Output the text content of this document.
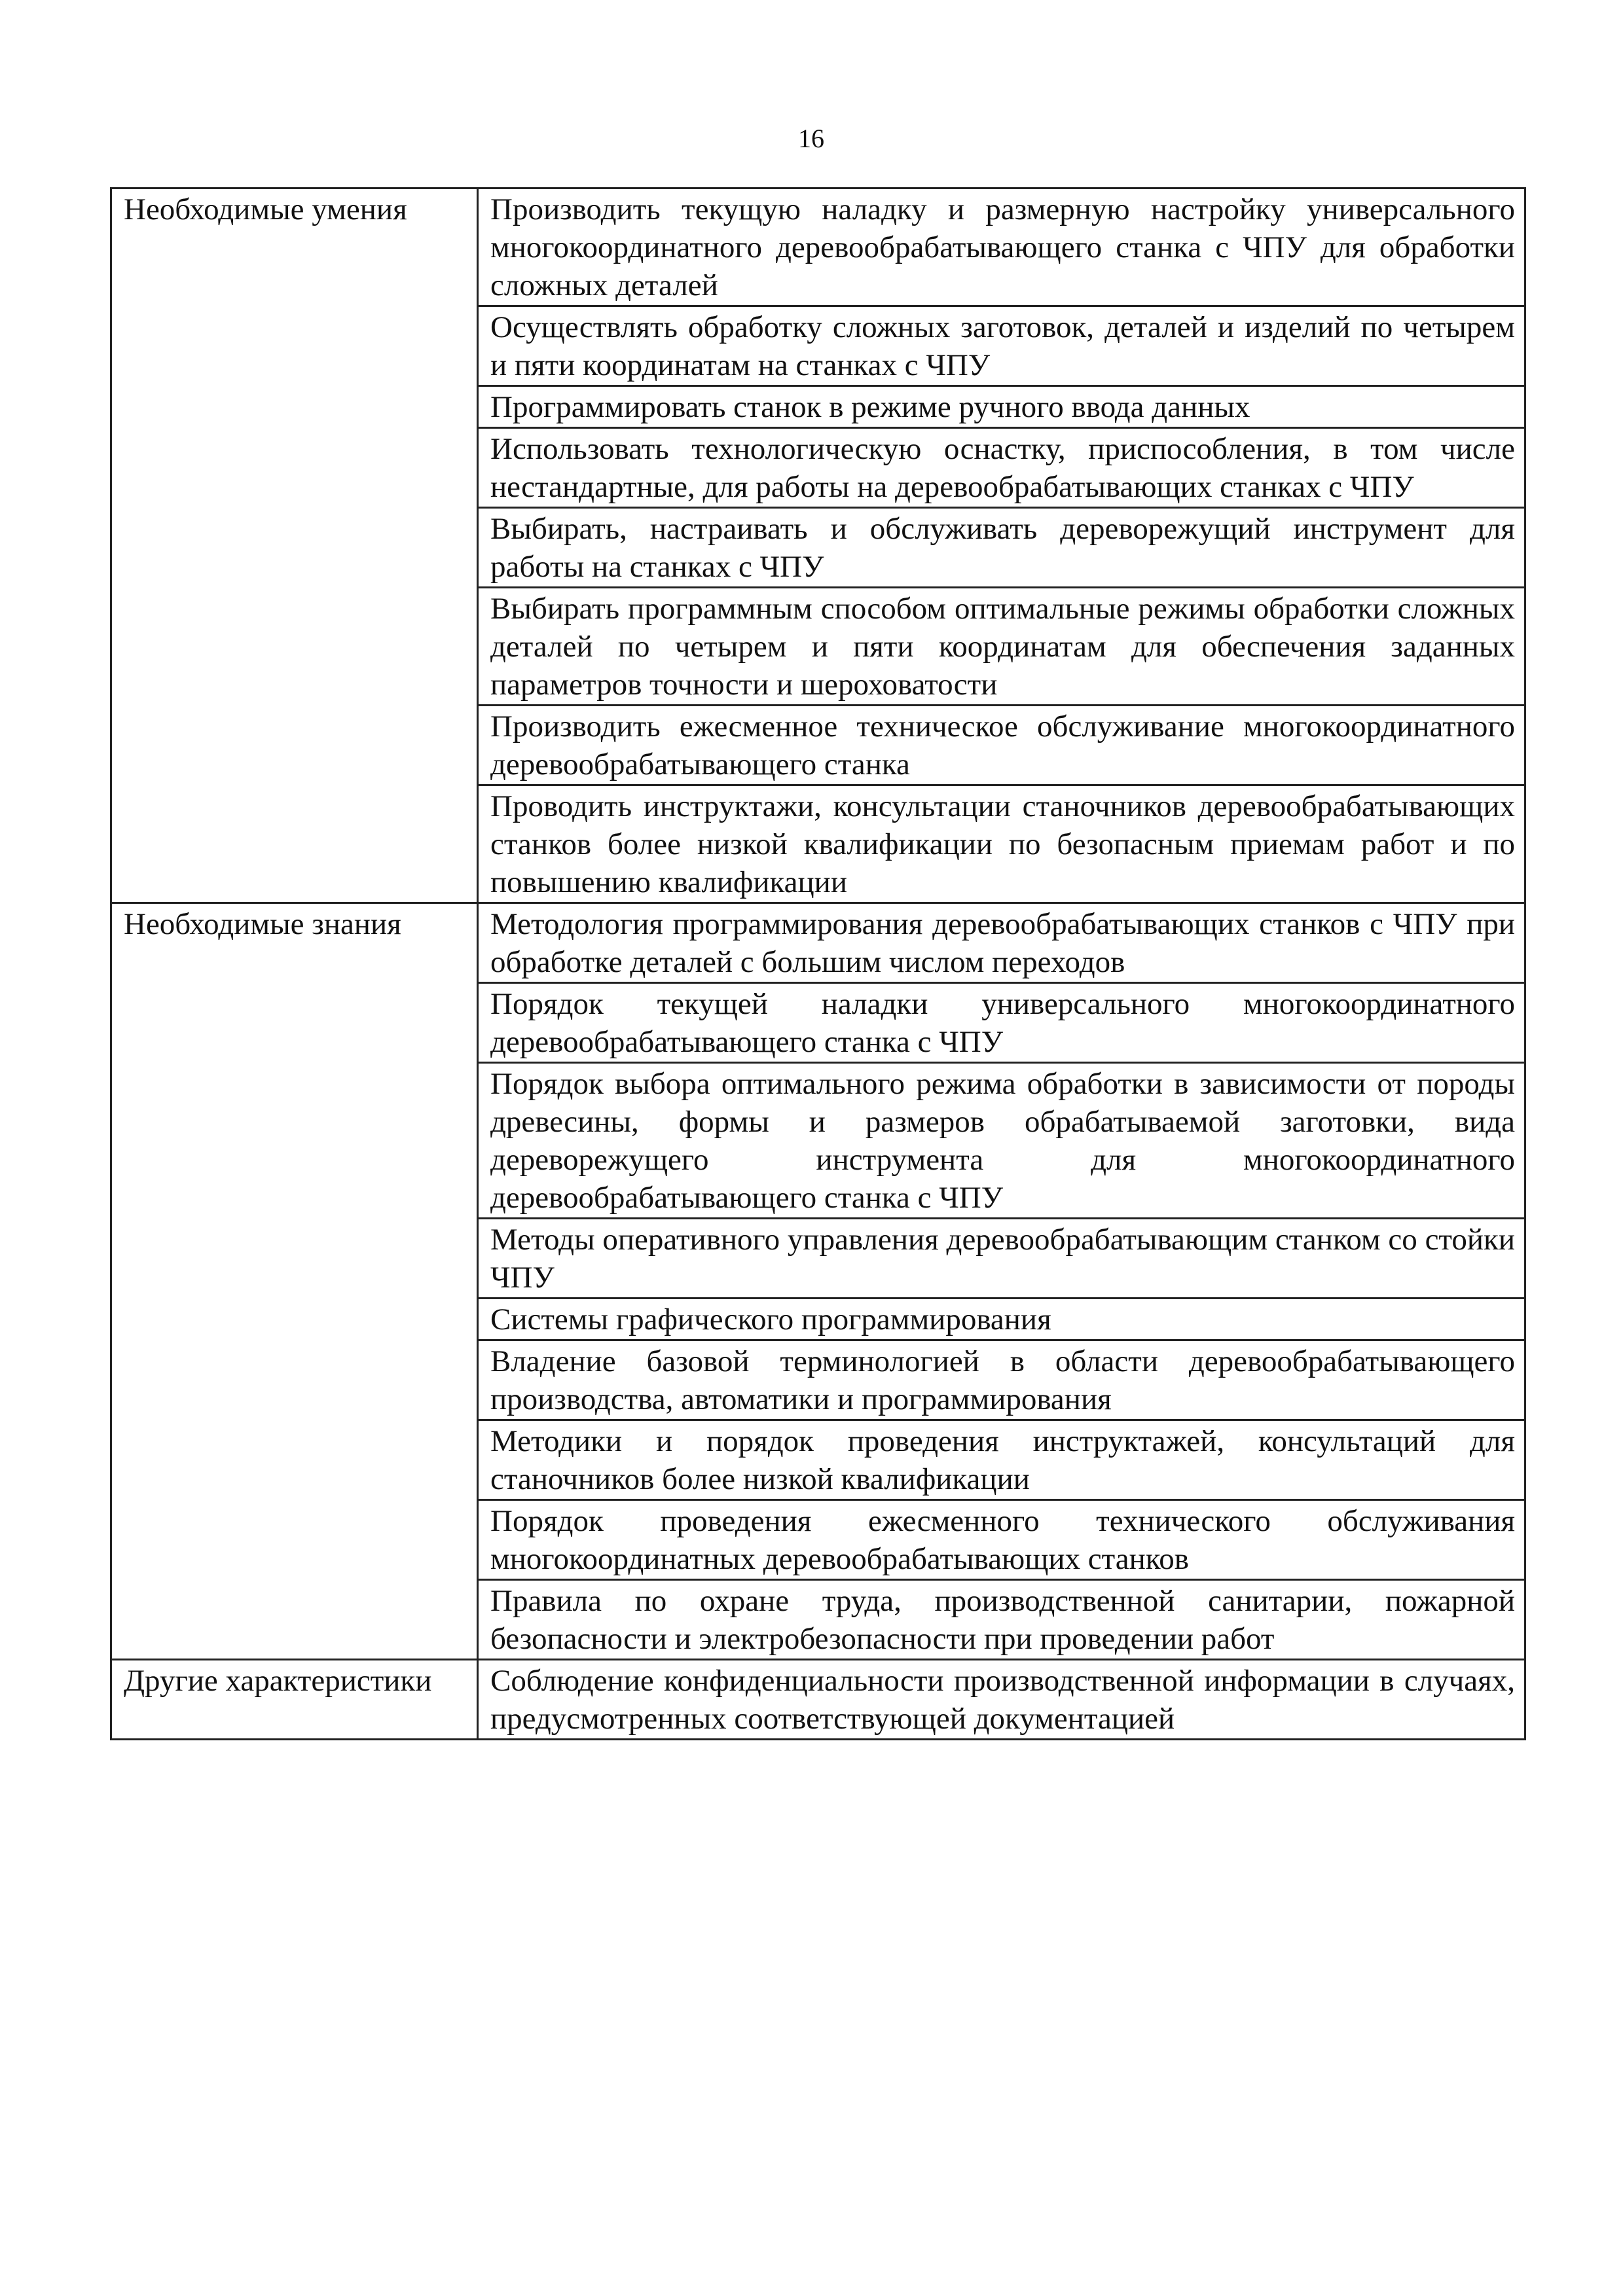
16
Необходимые умения	Производить текущую наладку и размерную настройку универсального многокоординатного деревообрабатывающего станка с ЧПУ для обработки сложных деталей
	Осуществлять обработку сложных заготовок, деталей и изделий по четырем и пяти координатам на станках с ЧПУ
	Программировать станок в режиме ручного ввода данных
	Использовать технологическую оснастку, приспособления, в том числе нестандартные, для работы на деревообрабатывающих станках с ЧПУ
	Выбирать, настраивать и обслуживать дереворежущий инструмент для работы на станках с ЧПУ
	Выбирать программным способом оптимальные режимы обработки сложных деталей по четырем и пяти координатам для обеспечения заданных параметров точности и шероховатости
	Производить ежесменное техническое обслуживание многокоординатного деревообрабатывающего станка
	Проводить инструктажи, консультации станочников деревообрабатывающих станков более низкой квалификации по безопасным приемам работ и по повышению квалификации
Необходимые знания	Методология программирования деревообрабатывающих станков с ЧПУ при обработке деталей с большим числом переходов
	Порядок текущей наладки универсального многокоординатного деревообрабатывающего станка с ЧПУ
	Порядок выбора оптимального режима обработки в зависимости от породы древесины, формы и размеров обрабатываемой заготовки, вида дереворежущего инструмента для многокоординатного деревообрабатывающего станка с ЧПУ
	Методы оперативного управления деревообрабатывающим станком со стойки ЧПУ
	Системы графического программирования
	Владение базовой терминологией в области деревообрабатывающего производства, автоматики и программирования
	Методики и порядок проведения инструктажей, консультаций для станочников более низкой квалификации
	Порядок проведения ежесменного технического обслуживания многокоординатных деревообрабатывающих станков
	Правила по охране труда, производственной санитарии, пожарной безопасности и электробезопасности при проведении работ
Другие характеристики	Соблюдение конфиденциальности производственной информации в случаях, предусмотренных соответствующей документацией
